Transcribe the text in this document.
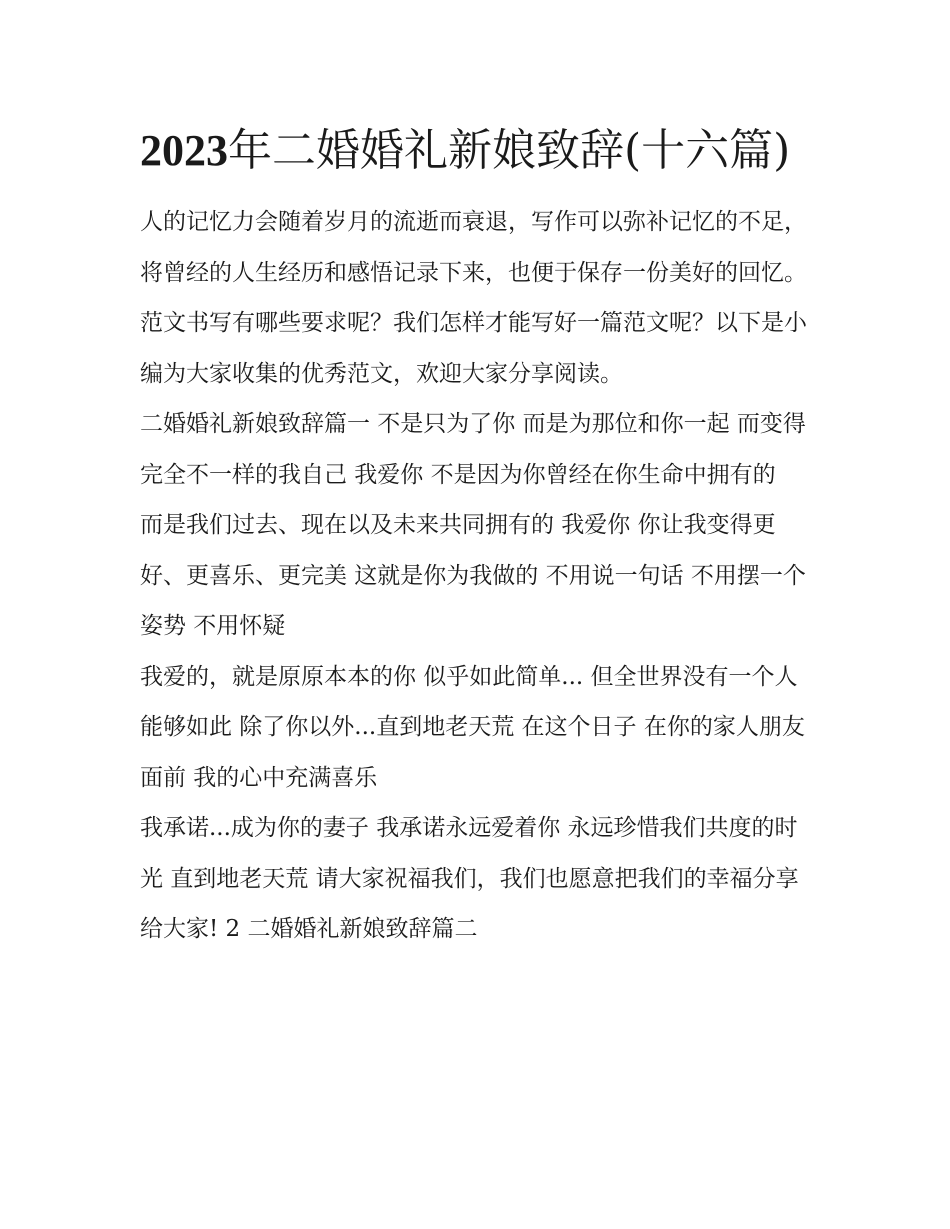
2023年二婚婚礼新娘致辞(十六篇)

人的记忆力会随着岁月的流逝而衰退，写作可以弥补记忆的不足，将曾经的人生经历和感悟记录下来，也便于保存一份美好的回忆。范文书写有哪些要求呢？我们怎样才能写好一篇范文呢？以下是小编为大家收集的优秀范文，欢迎大家分享阅读。

二婚婚礼新娘致辞篇一 不是只为了你 而是为那位和你一起 而变得完全不一样的我自己 我爱你 不是因为你曾经在你生命中拥有的

而是我们过去、现在以及未来共同拥有的 我爱你 你让我变得更好、更喜乐、更完美 这就是你为我做的 不用说一句话 不用摆一个姿势 不用怀疑

我爱的，就是原原本本的你 似乎如此简单... 但全世界没有一个人能够如此 除了你以外...直到地老天荒 在这个日子 在你的家人朋友面前 我的心中充满喜乐

我承诺...成为你的妻子 我承诺永远爱着你 永远珍惜我们共度的时光 直到地老天荒 请大家祝福我们，我们也愿意把我们的幸福分享给大家! 2 二婚婚礼新娘致辞篇二
